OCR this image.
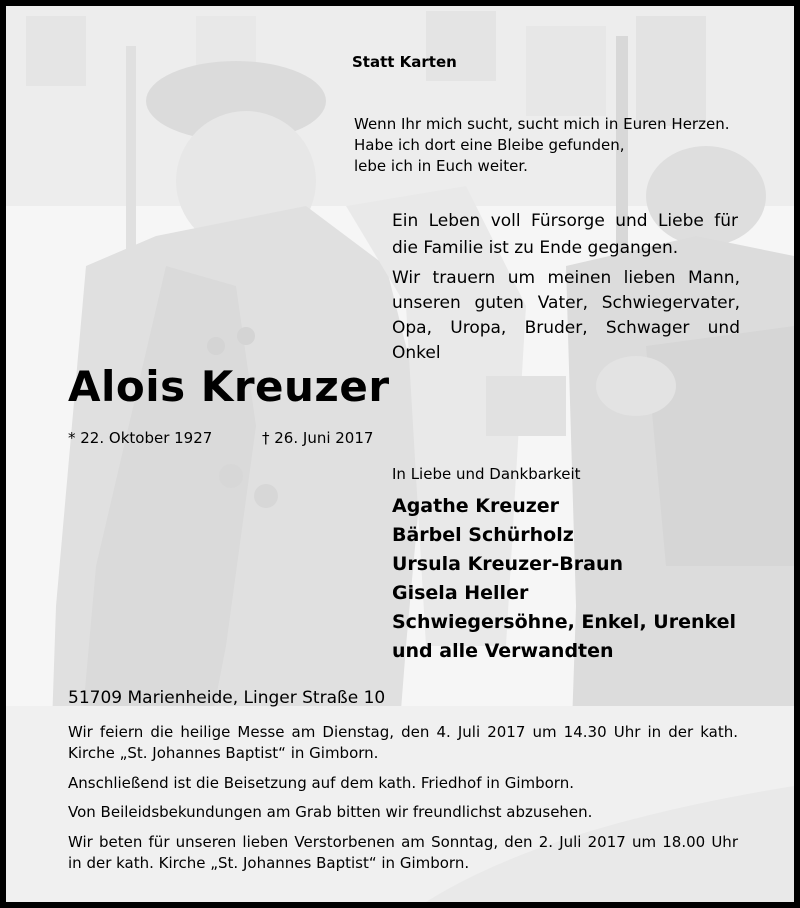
Statt Karten
Wenn Ihr mich sucht, sucht mich in Euren Herzen.
Habe ich dort eine Bleibe gefunden,
lebe ich in Euch weiter.
Ein Leben voll Fürsorge und Liebe für
die Familie ist zu Ende gegangen.
Wir trauern um meinen lieben Mann,
unseren guten Vater, Schwiegervater,
Opa, Uropa, Bruder, Schwager und
Onkel
Alois Kreuzer
* 22. Oktober 1927	† 26. Juni 2017
In Liebe und Dankbarkeit
Agathe Kreuzer
Bärbel Schürholz
Ursula Kreuzer-Braun
Gisela Heller
Schwiegersöhne, Enkel, Urenkel
und alle Verwandten
51709 Marienheide, Linger Straße 10
Wir feiern die heilige Messe am Dienstag, den 4. Juli 2017 um 14.30 Uhr in der kath.
Kirche „St. Johannes Baptist“ in Gimborn.
Anschließend ist die Beisetzung auf dem kath. Friedhof in Gimborn.
Von Beileidsbekundungen am Grab bitten wir freundlichst abzusehen.
Wir beten für unseren lieben Verstorbenen am Sonntag, den 2. Juli 2017 um 18.00 Uhr
in der kath. Kirche „St. Johannes Baptist“ in Gimborn.
